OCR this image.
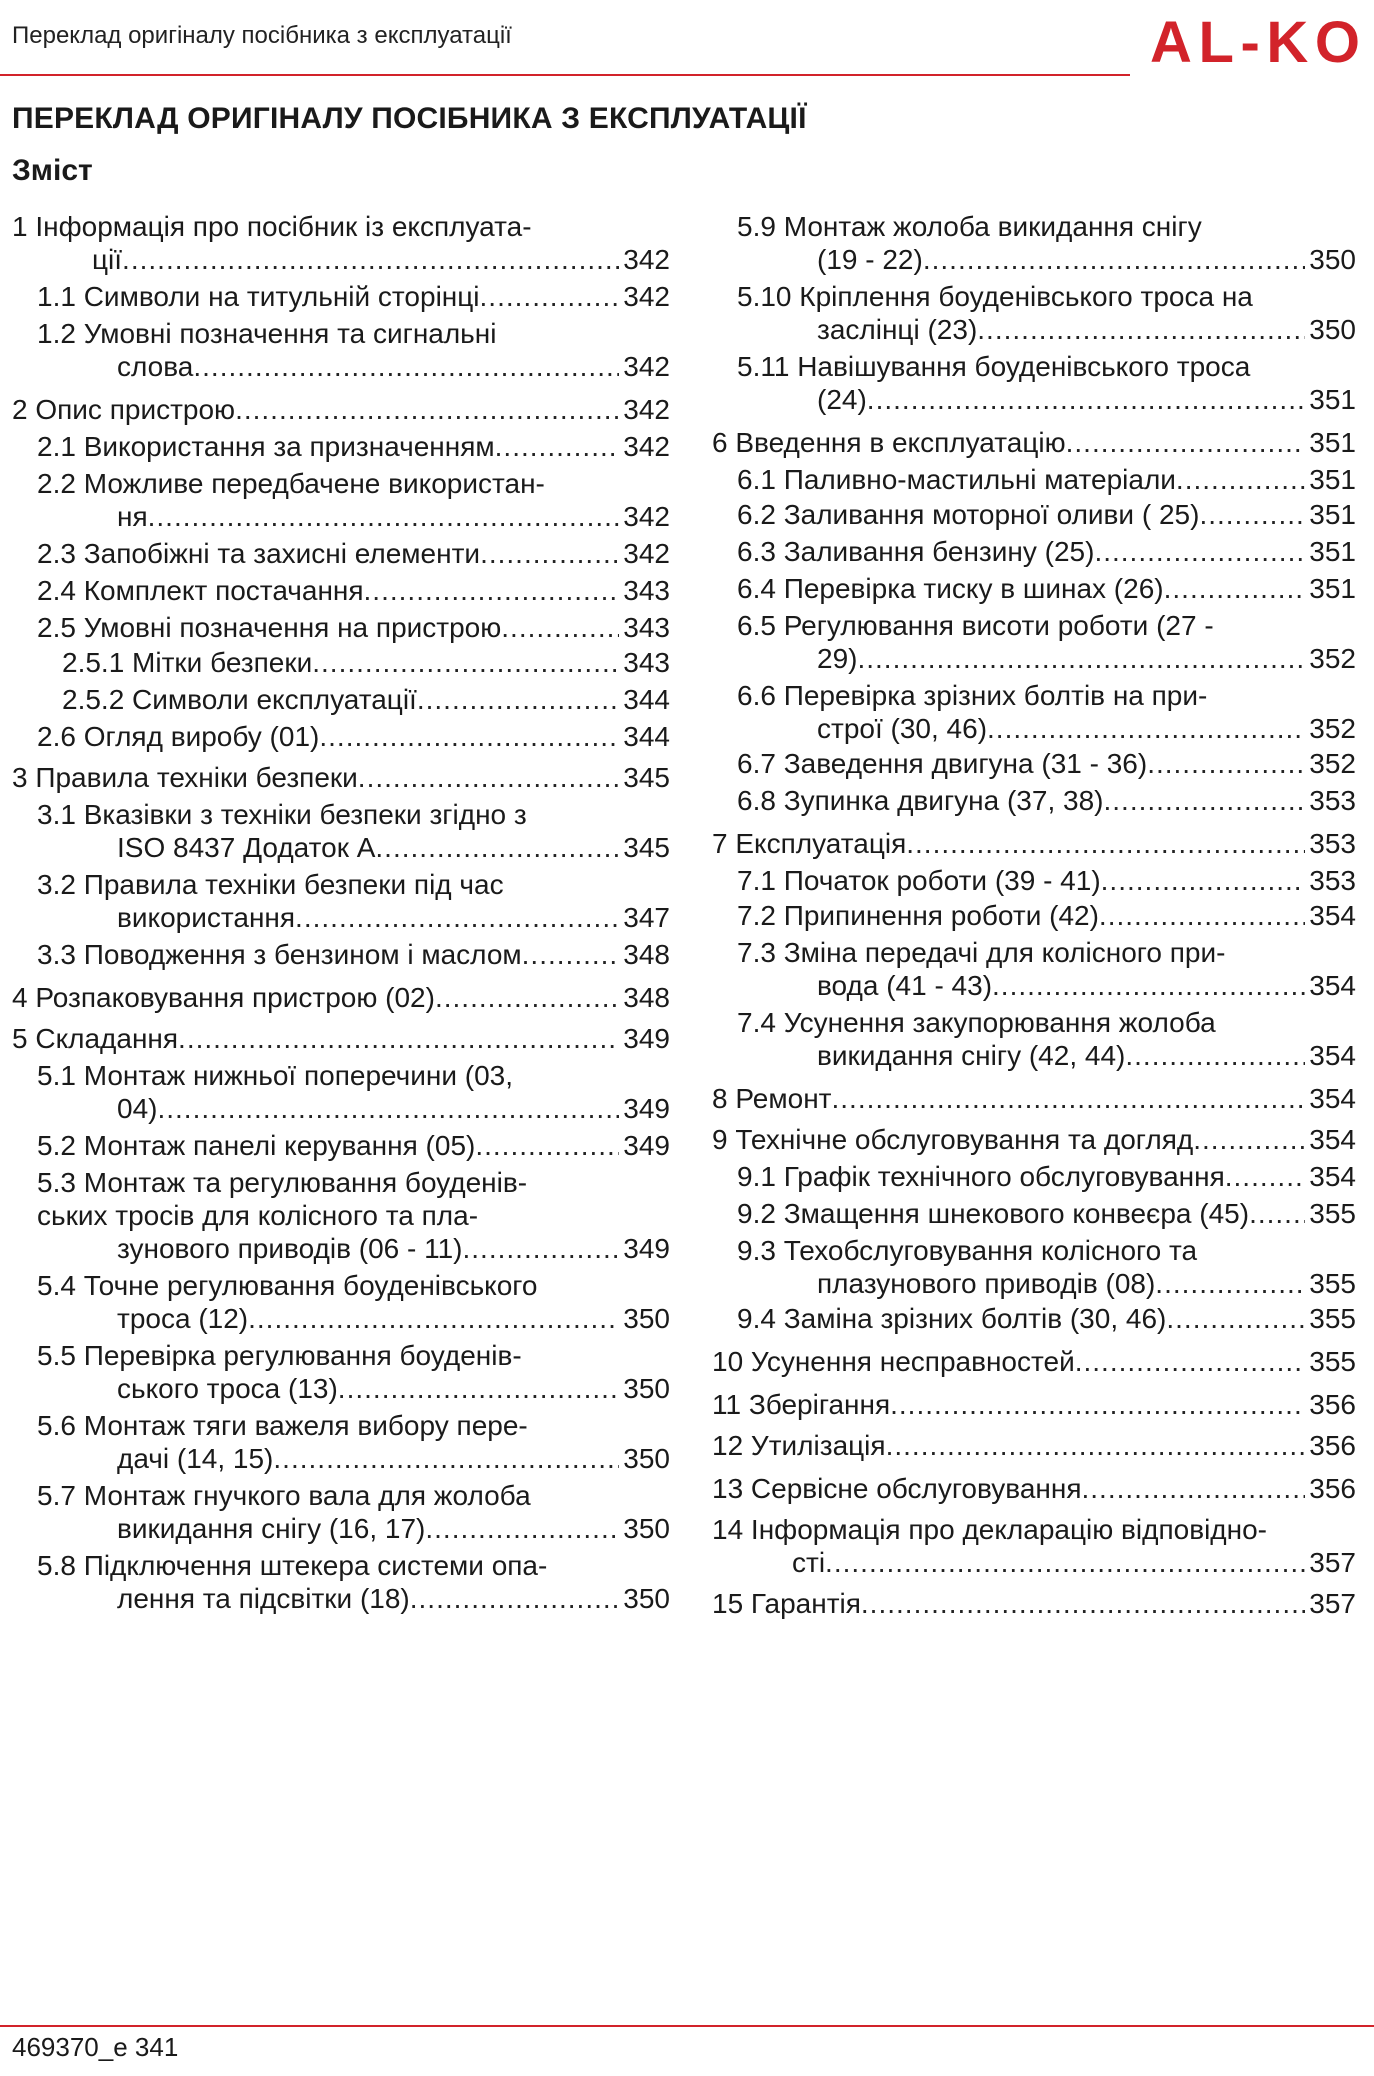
Переклад оригіналу посібника з експлуатації	AL-KO
ПЕРЕКЛАД ОРИГІНАЛУ ПОСІБНИКА З ЕКСПЛУАТАЦІЇ
Зміст
1 Інформація про посібник із експлуата-
ції .....	342
1.1 Символи на титульній сторінці .....	342
1.2 Умовні позначення та сигнальні
слова .....	342
2 Опис пристрою .....	342
2.1 Використання за призначенням .....	342
2.2 Можливе передбачене використан-
ня .....	342
2.3 Запобіжні та захисні елементи .....	342
2.4 Комплект постачання .....	343
2.5 Умовні позначення на пристрою .....	343
2.5.1 Мітки безпеки .....	343
2.5.2 Символи експлуатації .....	344
2.6 Огляд виробу (01) .....	344
3 Правила техніки безпеки .....	345
3.1 Вказівки з техніки безпеки згідно з
ISO 8437 Додаток А .....	345
3.2 Правила техніки безпеки під час
використання .....	347
3.3 Поводження з бензином і маслом .....	348
4 Розпаковування пристрою (02) .....	348
5 Складання .....	349
5.1 Монтаж нижньої поперечини (03,
04) .....	349
5.2 Монтаж панелі керування (05) .....	349
5.3 Монтаж та регулювання боуденів-
ських тросів для колісного та пла-
зунового приводів (06 - 11) .....	349
5.4 Точне регулювання боуденівського
троса (12) .....	350
5.5 Перевірка регулювання боуденів-
ського троса (13) .....	350
5.6 Монтаж тяги важеля вибору пере-
дачі (14, 15) .....	350
5.7 Монтаж гнучкого вала для жолоба
викидання снігу (16, 17) .....	350
5.8 Підключення штекера системи опа-
лення та підсвітки (18) .....	350
5.9 Монтаж жолоба викидання снігу
(19 - 22) .....	350
5.10 Кріплення боуденівського троса на
заслінці (23) .....	350
5.11 Навішування боуденівського троса
(24) .....	351
6 Введення в експлуатацію .....	351
6.1 Паливно-мастильні матеріали .....	351
6.2 Заливання моторної оливи ( 25) .....	351
6.3 Заливання бензину (25) .....	351
6.4 Перевірка тиску в шинах (26) .....	351
6.5 Регулювання висоти роботи (27 -
29) .....	352
6.6 Перевірка зрізних болтів на при-
строї (30, 46) .....	352
6.7 Заведення двигуна (31 - 36) .....	352
6.8 Зупинка двигуна (37, 38) .....	353
7 Експлуатація .....	353
7.1 Початок роботи (39 - 41) .....	353
7.2 Припинення роботи (42) .....	354
7.3 Зміна передачі для колісного при-
вода (41 - 43) .....	354
7.4 Усунення закупорювання жолоба
викидання снігу (42, 44) .....	354
8 Ремонт .....	354
9 Технічне обслуговування та догляд .....	354
9.1 Графік технічного обслуговування .....	354
9.2 Змащення шнекового конвеєра (45) ..... 355
9.3 Техобслуговування колісного та
плазунового приводів (08) .....	355
9.4 Заміна зрізних болтів (30, 46) .....	355
10 Усунення несправностей .....	355
11 Зберігання .....	356
12 Утилізація .....	356
13 Сервісне обслуговування .....	356
14 Інформація про декларацію відповідно-
сті .....	357
15 Гарантія .....	357
469370_e 341
